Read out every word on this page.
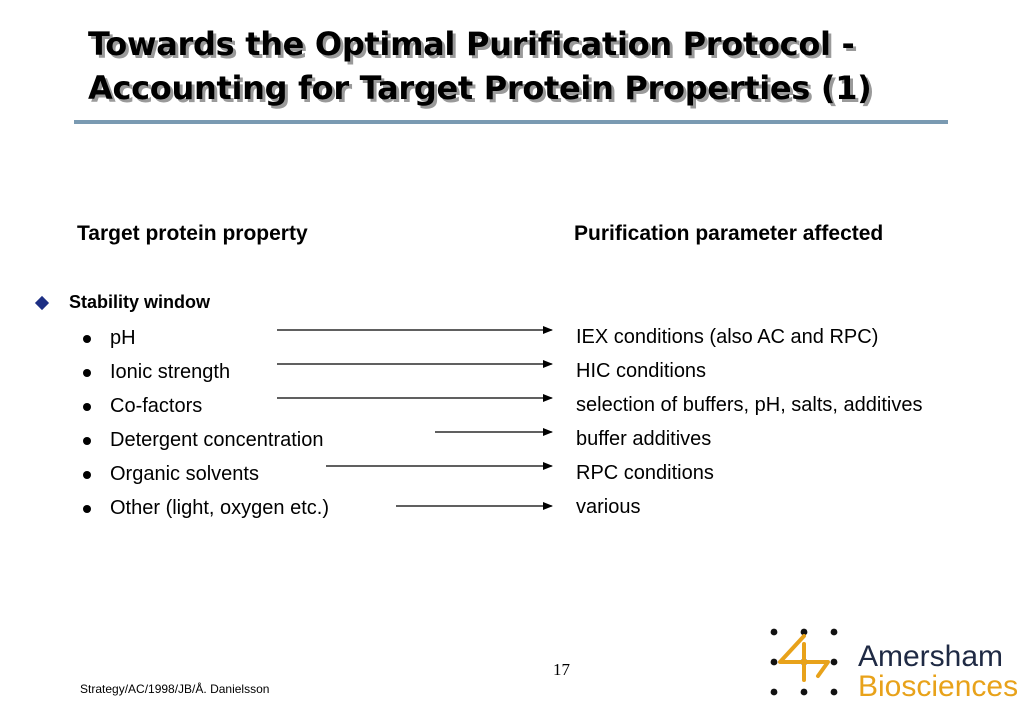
Towards the Optimal Purification Protocol -
Accounting for Target Protein Properties (1)
Target protein property	Purification parameter affected
Stability window
pH
Ionic strength
Co-factors
Detergent concentration
Organic solvents
Other (light, oxygen etc.)
IEX conditions (also AC and RPC)
HIC conditions
selection of buffers, pH, salts, additives
buffer additives
RPC conditions
various
17
Strategy/AC/1998/JB/Å. Danielsson
Amersham
Biosciences
